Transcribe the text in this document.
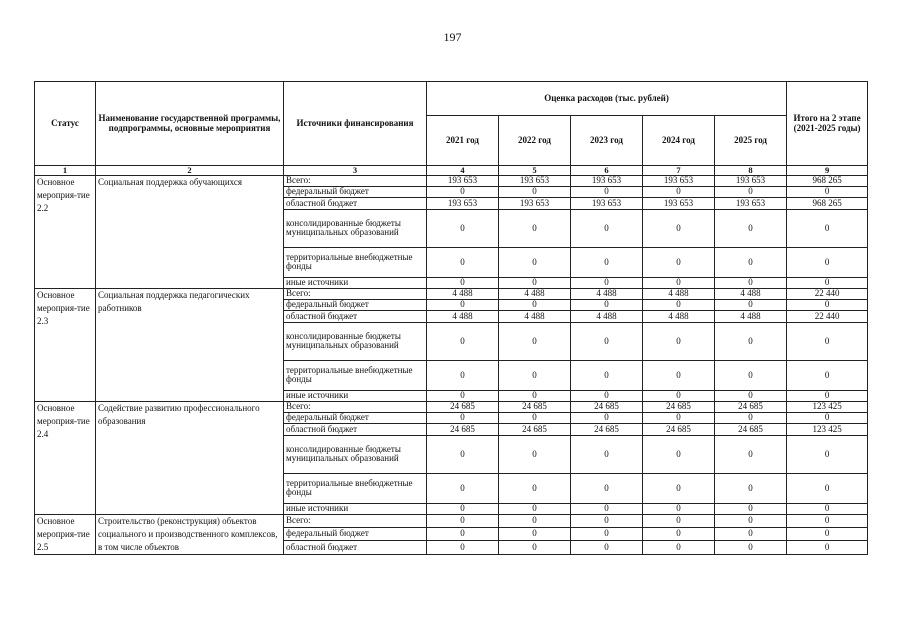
197
Статус	Наименование государственной программы, подпрограммы, основные мероприятия	Источники финансирования	Оценка расходов (тыс. рублей)					Итого на 2 этапе (2021-2025 годы)
			2021 год	2022 год	2023 год	2024 год	2025 год	
1	2	3	4	5	6	7	8	9
Основное мероприя-тие 2.2	Социальная поддержка обучающихся	Всего:	193 653	193 653	193 653	193 653	193 653	968 265
		федеральный бюджет	0	0	0	0	0	0
		областной бюджет	193 653	193 653	193 653	193 653	193 653	968 265
		консолидированные бюджеты муниципальных образований	0	0	0	0	0	0
		территориальные внебюджетные фонды	0	0	0	0	0	0
		иные источники	0	0	0	0	0	0
Основное мероприя-тие 2.3	Социальная поддержка педагогических работников	Всего:	4 488	4 488	4 488	4 488	4 488	22 440
		федеральный бюджет	0	0	0	0	0	0
		областной бюджет	4 488	4 488	4 488	4 488	4 488	22 440
		консолидированные бюджеты муниципальных образований	0	0	0	0	0	0
		территориальные внебюджетные фонды	0	0	0	0	0	0
		иные источники	0	0	0	0	0	0
Основное мероприя-тие 2.4	Содействие развитию профессионального образования	Всего:	24 685	24 685	24 685	24 685	24 685	123 425
		федеральный бюджет	0	0	0	0	0	0
		областной бюджет	24 685	24 685	24 685	24 685	24 685	123 425
		консолидированные бюджеты муниципальных образований	0	0	0	0	0	0
		территориальные внебюджетные фонды	0	0	0	0	0	0
		иные источники	0	0	0	0	0	0
Основное мероприя-тие 2.5	Строительство (реконструкция) объектов социального и производственного комплексов, в том числе объектов	Всего:	0	0	0	0	0	0
		федеральный бюджет	0	0	0	0	0	0
		областной бюджет	0	0	0	0	0	0
